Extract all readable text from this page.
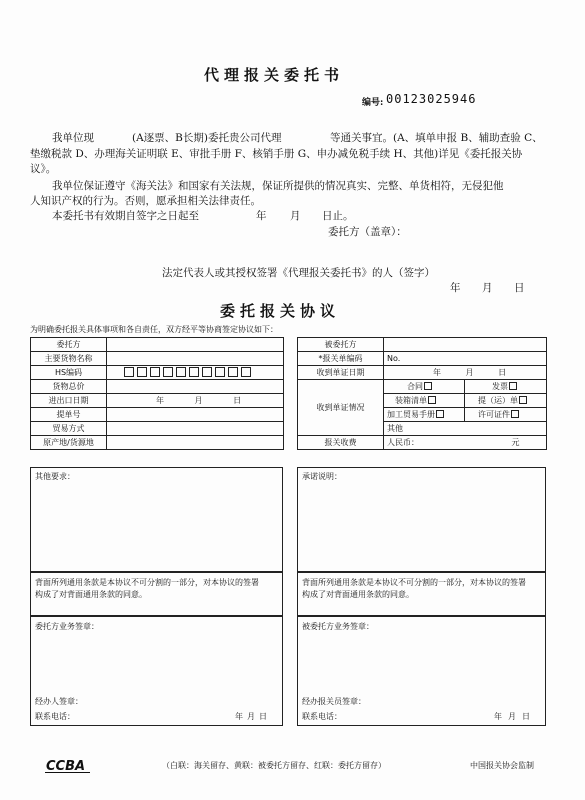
代理报关委托书
编号: 00123025946
我单位现	(A逐票、B长期)委托贵公司代理	等通关事宜。(A、填单申报 B、辅助查验 C、
垫缴税款 D、办理海关证明联 E、审批手册 F、核销手册 G、申办减免税手续 H、其他)详见《委托报关协
议》。
我单位保证遵守《海关法》和国家有关法规，保证所提供的情况真实、完整、单货相符，无侵犯他
人知识产权的行为。否则，愿承担相关法律责任。
本委托书有效期自签字之日起至	年 月 日止。
委托方（盖章）：
法定代表人或其授权签署《代理报关委托书》的人（签字）
年 月 日
委托报关协议
为明确委托报关具体事项和各自责任，双方经平等协商签定协议如下：
委托方	
主要货物名称	
HS编码	
货物总价	
进出口日期	年 月 日
提单号	
贸易方式	
原产地/货源地	
被委托方		
*报关单编码	No.	
收到单证日期	年 月 日	
收到单证情况	合同	发票
	装箱清单	提（运）单
	加工贸易手册	许可证件
	其他	
报关收费	人民币： 元	
其他要求：
背面所列通用条款是本协议不可分割的一部分，对本协议的签署
构成了对背面通用条款的同意。
委托方业务签章：
经办人签章：
联系电话：	年 月 日
承诺说明：
背面所列通用条款是本协议不可分割的一部分，对本协议的签署
构成了对背面通用条款的同意。
被委托方业务签章：
经办报关员签章：
联系电话：	年 月 日
CCBA	（白联：海关留存、黄联：被委托方留存、红联：委托方留存）	中国报关协会监制
